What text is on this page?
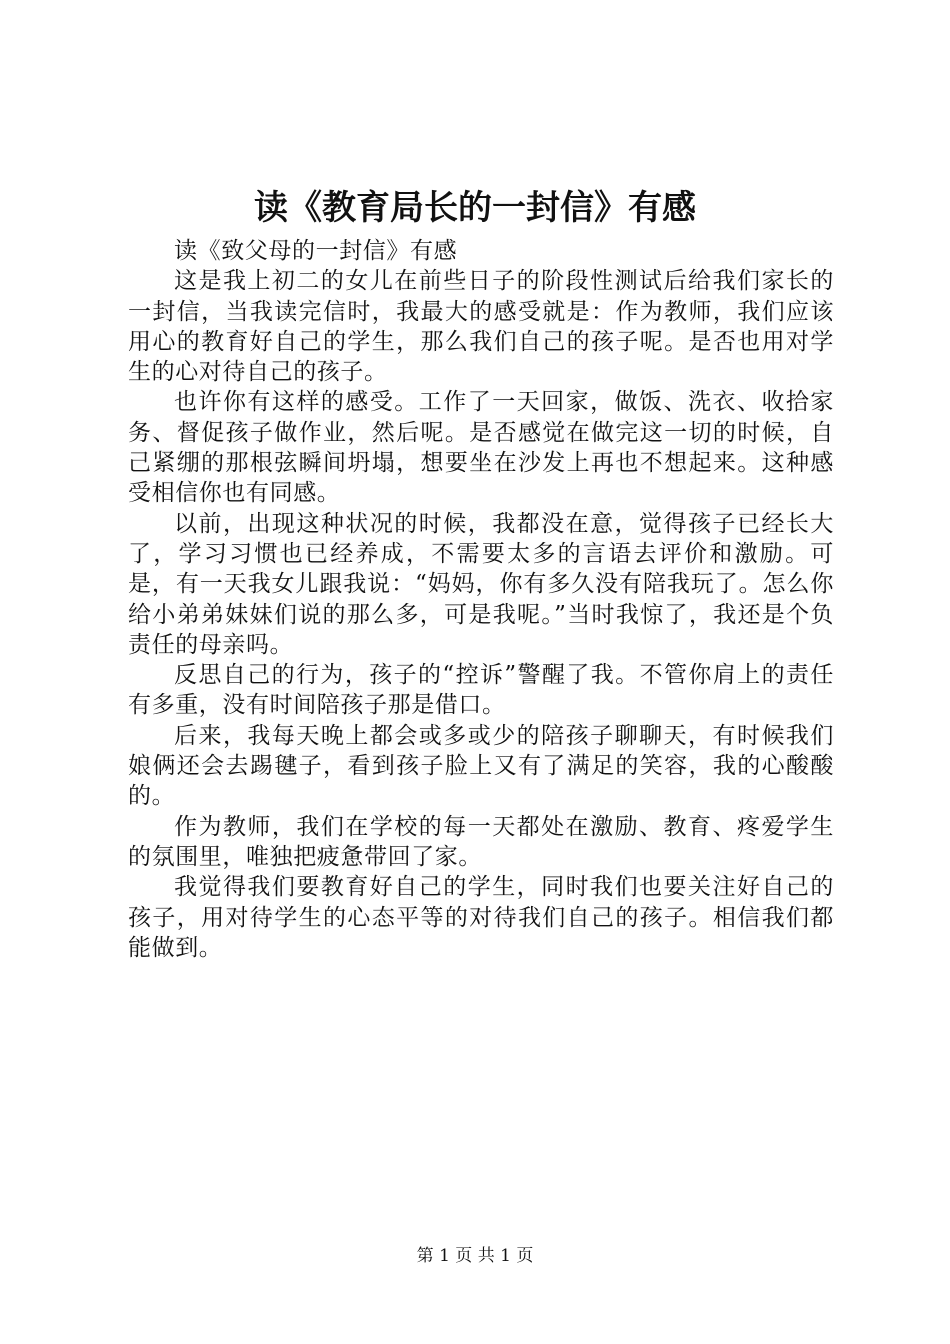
读《教育局长的一封信》有感

读《致父母的一封信》有感

这是我上初二的女儿在前些日子的阶段性测试后给我们家长的一封信，当我读完信时，我最大的感受就是：作为教师，我们应该用心的教育好自己的学生，那么我们自己的孩子呢。是否也用对学生的心对待自己的孩子。

也许你有这样的感受。工作了一天回家，做饭、洗衣、收拾家务、督促孩子做作业，然后呢。是否感觉在做完这一切的时候，自己紧绷的那根弦瞬间坍塌，想要坐在沙发上再也不想起来。这种感受相信你也有同感。

以前，出现这种状况的时候，我都没在意，觉得孩子已经长大了，学习习惯也已经养成，不需要太多的言语去评价和激励。可是，有一天我女儿跟我说：“妈妈，你有多久没有陪我玩了。怎么你给小弟弟妹妹们说的那么多，可是我呢。”当时我惊了，我还是个负责任的母亲吗。

反思自己的行为，孩子的“控诉”警醒了我。不管你肩上的责任有多重，没有时间陪孩子那是借口。

后来，我每天晚上都会或多或少的陪孩子聊聊天，有时候我们娘俩还会去踢毽子，看到孩子脸上又有了满足的笑容，我的心酸酸的。

作为教师，我们在学校的每一天都处在激励、教育、疼爱学生的氛围里，唯独把疲惫带回了家。

我觉得我们要教育好自己的学生，同时我们也要关注好自己的孩子，用对待学生的心态平等的对待我们自己的孩子。相信我们都能做到。

第 1 页 共 1 页
